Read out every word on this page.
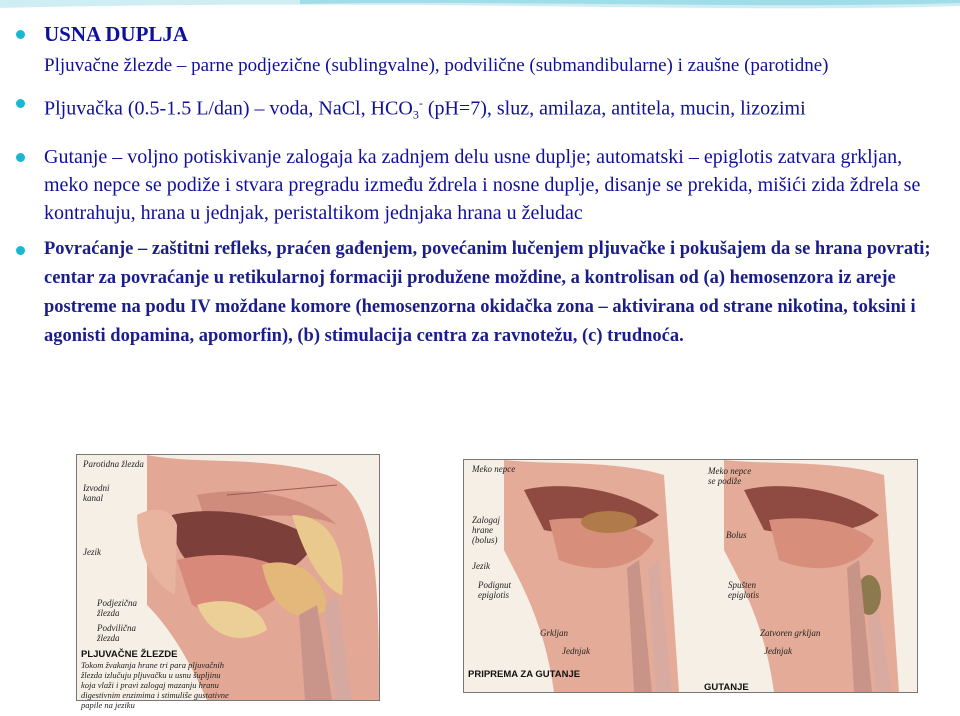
USNA DUPLJA
Pljuvačne žlezde – parne podjezične (sublingvalne), podvilične (submandibularne) i zaušne (parotidne)
Pljuvačka (0.5-1.5 L/dan) – voda, NaCl, $HCO_3^-$ (pH=7), sluz, amilaza, antitela, mucin, lizozimi
Gutanje – voljno potiskivanje zalogaja ka zadnjem delu usne duplje; automatski – epiglotis zatvara grkljan, meko nepce se podiže i stvara pregradu između ždrela i nosne duplje, disanje se prekida, mišići zida ždrela se kontrahuju, hrana u jednjak, peristaltikom jednjaka hrana u želudac
Povraćanje – zaštitni refleks, praćen gađenjem, povećanim lučenjem pljuvačke i pokušajem da se hrana povrati; centar za povraćanje u retikularnoj formaciji produžene moždine, a kontrolisan od (a) hemosenzora iz areje postreme na podu IV moždane komore (hemosenzorna okidačka zona – aktivirana od strane nikotina, toksini i agonisti dopamina, apomorfin), (b) stimulacija centra za ravnotežu, (c) trudnoća.
Parotidna žlezda
Izvodni kanal
Jezik
Podjezična žlezda
Podvilična žlezda
PLJUVAČNE ŽLEZDE
Tokom žvakanja hrane tri para pljuvačnih žlezda izlučuju pljuvačku u usnu šupljinu koja vlaži i pravi zalogaj mazanju hranu digestivnim enzimima i stimuliše gustativne papile na jeziku
Meko nepce
Zalogaj hrane (bolus)
Jezik
Podignut epiglotis
Grkljan
Jednjak
Meko nepce se podiže
Bolus
Spušten epiglotis
Zatvoren grkljan
Jednjak
PRIPREMA ZA GUTANJE
GUTANJE
